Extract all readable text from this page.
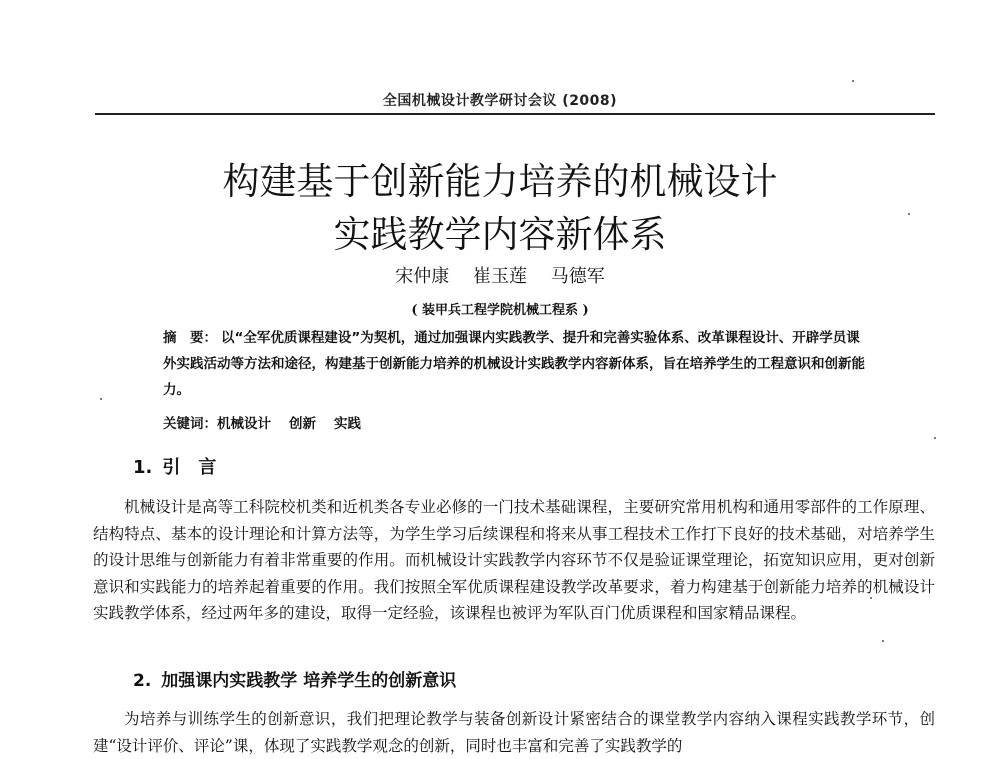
全国机械设计教学研讨会议 (2008)
构建基于创新能力培养的机械设计
实践教学内容新体系
宋仲康 崔玉莲 马德军
( 装甲兵工程学院机械工程系 )
摘　要： 以“全军优质课程建设”为契机，通过加强课内实践教学、提升和完善实验体系、改革课程设计、开辟学员课外实践活动等方法和途径，构建基于创新能力培养的机械设计实践教学内容新体系，旨在培养学生的工程意识和创新能力。
关键词：机械设计 创新 实践
1. 引　言
机械设计是高等工科院校机类和近机类各专业必修的一门技术基础课程，主要研究常用机构和通用零部件的工作原理、结构特点、基本的设计理论和计算方法等，为学生学习后续课程和将来从事工程技术工作打下良好的技术基础，对培养学生的设计思维与创新能力有着非常重要的作用。而机械设计实践教学内容环节不仅是验证课堂理论，拓宽知识应用，更对创新意识和实践能力的培养起着重要的作用。我们按照全军优质课程建设教学改革要求，着力构建基于创新能力培养的机械设计实践教学体系，经过两年多的建设，取得一定经验，该课程也被评为军队百门优质课程和国家精品课程。
2. 加强课内实践教学 培养学生的创新意识
为培养与训练学生的创新意识，我们把理论教学与装备创新设计紧密结合的课堂教学内容纳入课程实践教学环节，创建“设计评价、评论”课，体现了实践教学观念的创新，同时也丰富和完善了实践教学的
